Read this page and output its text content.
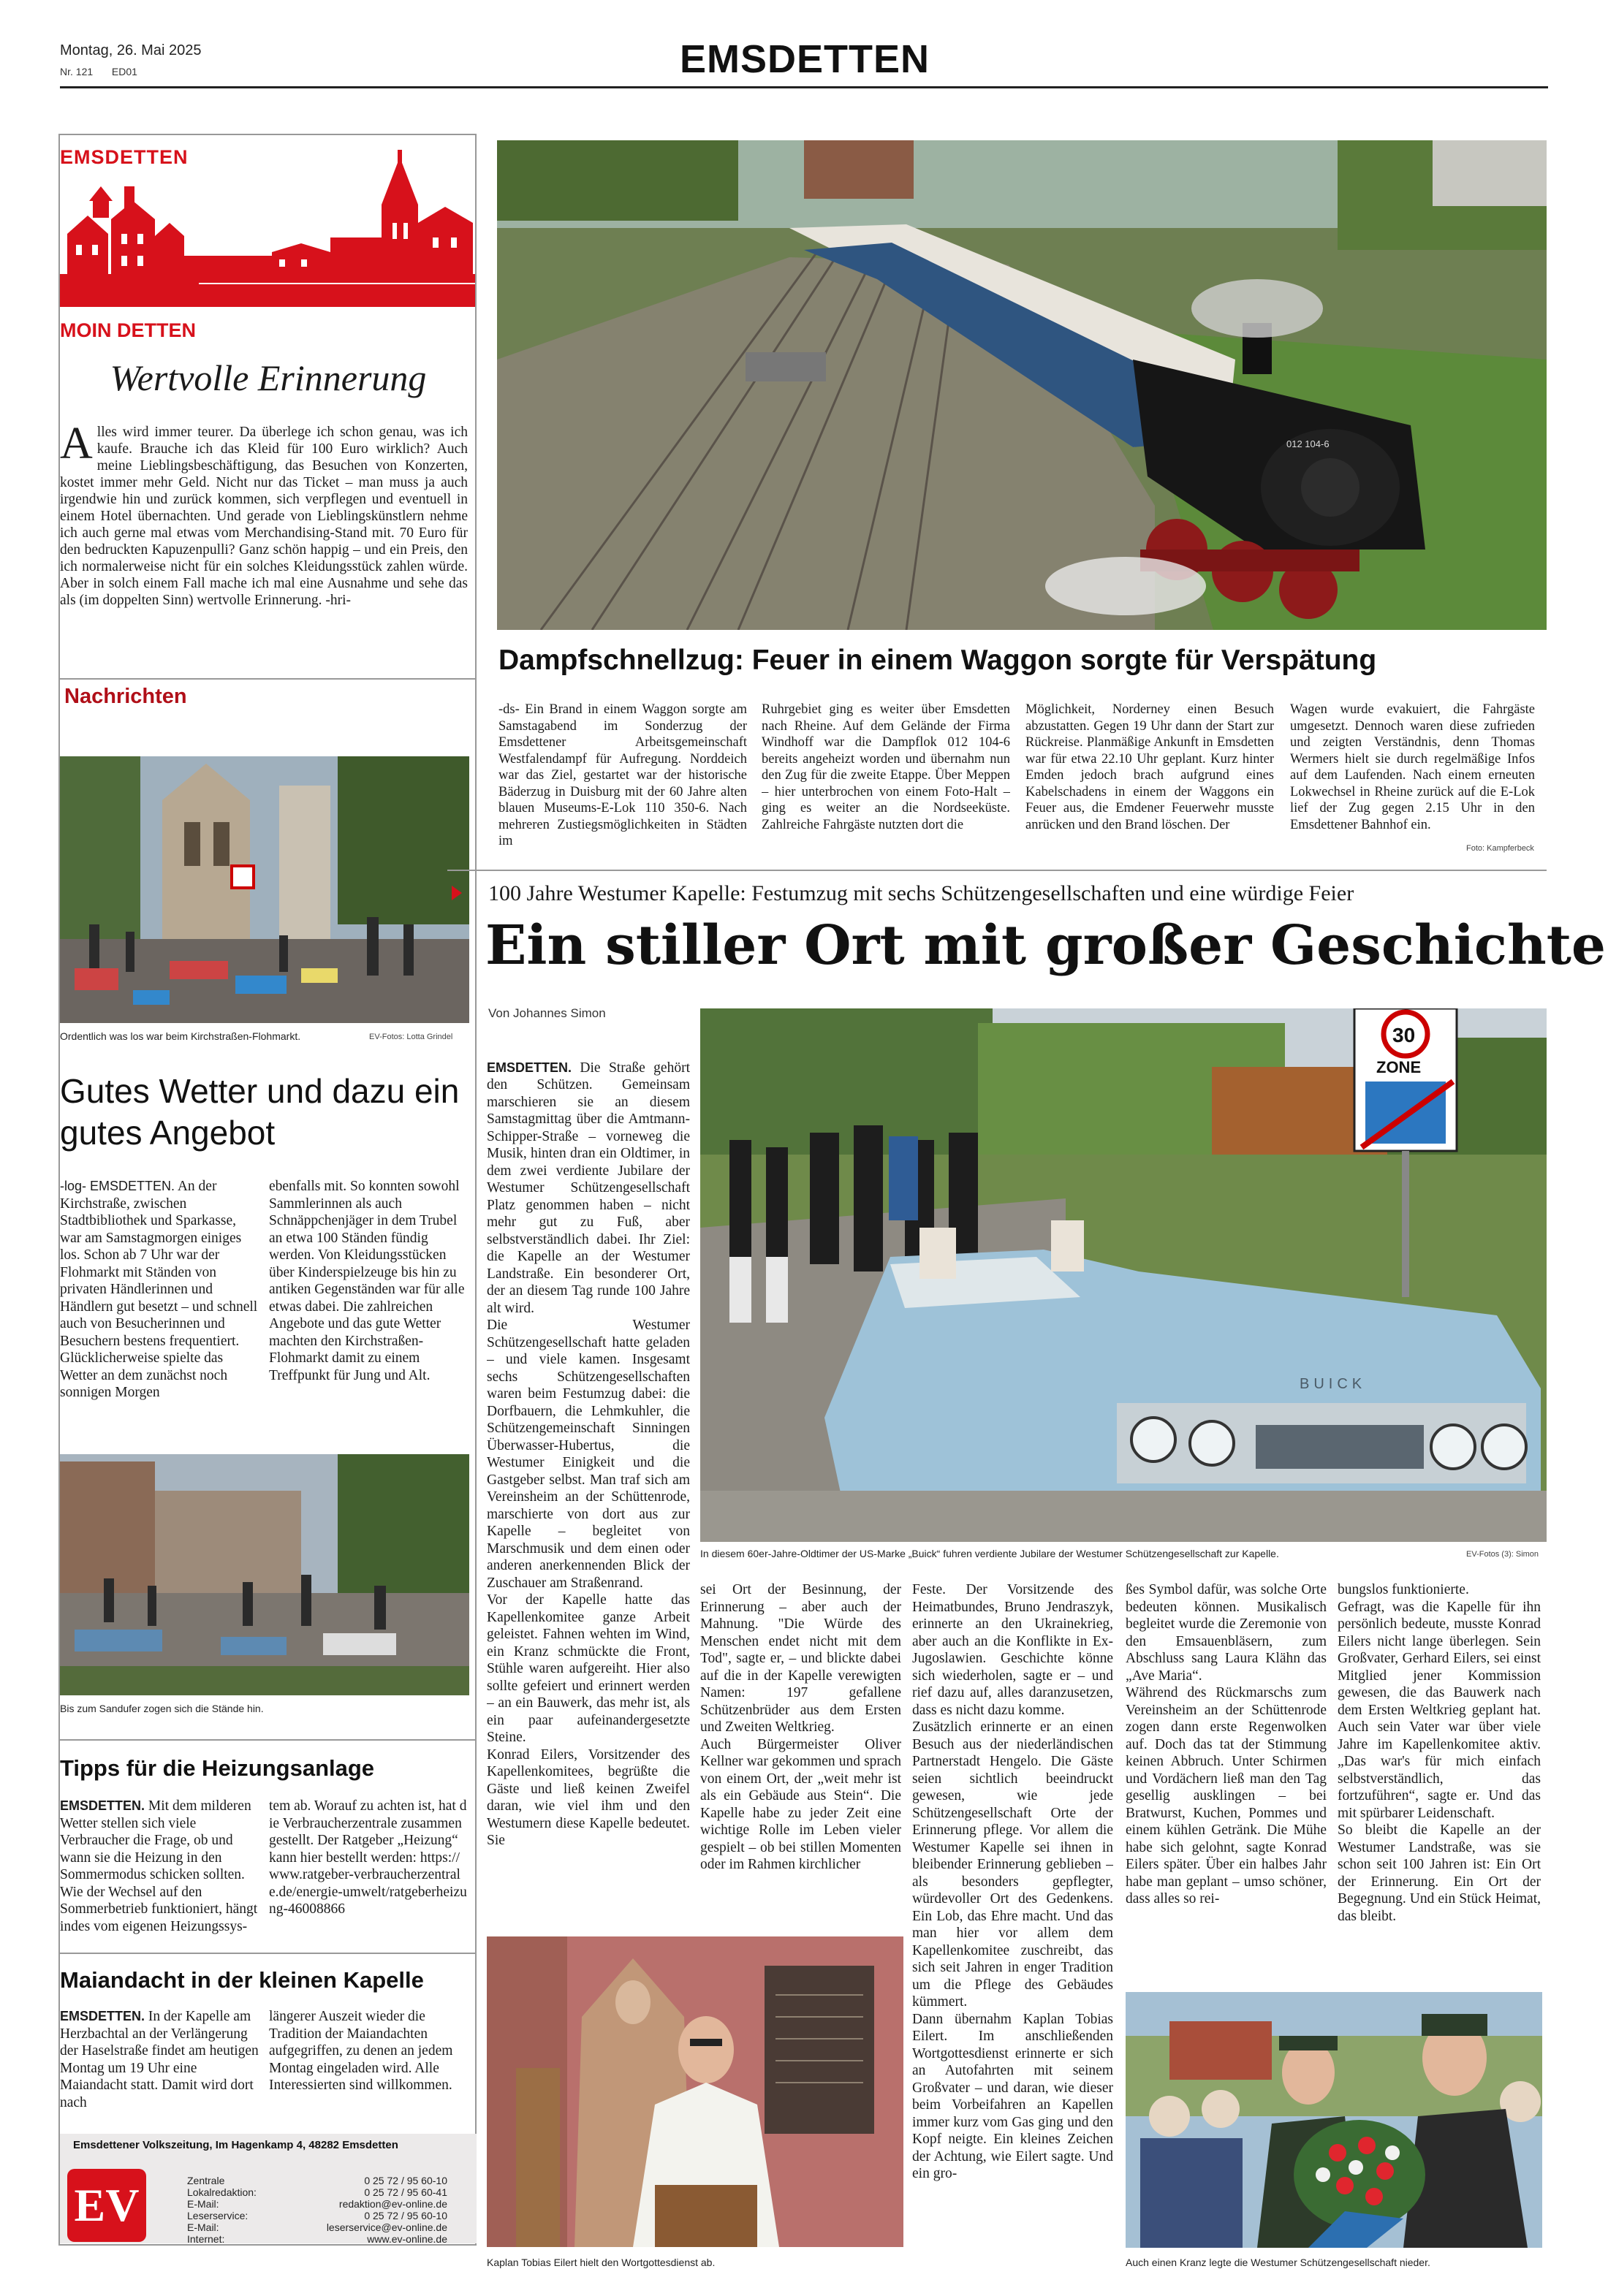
Montag, 26. Mai 2025
Nr. 121 ED01	EMSDETTEN
EMSDETTEN
MOIN DETTEN
Wertvolle Erinnerung
Alles wird immer teurer. Da überlege ich schon genau, was ich kaufe. Brauche ich das Kleid für 100 Euro wirklich? Auch meine Lieblingsbeschäftigung, das Besuchen von Konzerten, kostet immer mehr Geld. Nicht nur das Ticket – man muss ja auch irgendwie hin und zurück kommen, sich verpflegen und eventuell in einem Hotel übernachten. Und gerade von Lieblingskünstlern nehme ich auch gerne mal etwas vom Merchandising-Stand mit. 70 Euro für den bedruckten Kapuzenpulli? Ganz schön happig – und ein Preis, den ich normalerweise nicht für ein solches Kleidungsstück zahlen würde. Aber in solch einem Fall mache ich mal eine Ausnahme und sehe das als (im doppelten Sinn) wertvolle Erinnerung. -hri-
Nachrichten
Ordentlich was los war beim Kirchstraßen-Flohmarkt.	EV-Fotos: Lotta Grindel
Gutes Wetter und dazu ein gutes Angebot
-log- EMSDETTEN. An der Kirchstraße, zwischen Stadtbibliothek und Sparkasse, war am Samstagmorgen einiges los. Schon ab 7 Uhr war der Flohmarkt mit Ständen von privaten Händlerinnen und Händlern gut besetzt – und schnell auch von Besucherinnen und Besuchern bestens frequentiert. Glücklicherweise spielte das Wetter an dem zunächst noch sonnigen Morgen
ebenfalls mit. So konnten sowohl Sammlerinnen als auch Schnäppchenjäger in dem Trubel an etwa 100 Ständen fündig werden. Von Kleidungsstücken über Kinderspielzeuge bis hin zu antiken Gegenständen war für alle etwas dabei. Die zahlreichen Angebote und das gute Wetter machten den Kirchstraßen-Flohmarkt damit zu einem Treffpunkt für Jung und Alt.
Bis zum Sandufer zogen sich die Stände hin.
Tipps für die Heizungsanlage
EMSDETTEN. Mit dem milderen Wetter stellen sich viele Verbraucher die Frage, ob und wann sie die Heizung in den Sommermodus schicken sollten. Wie der Wechsel auf den Sommerbetrieb funktioniert, hängt indes vom eigenen Heizungssys-
tem ab. Worauf zu achten ist, hat die Verbraucherzentrale zusammengestellt. Der Ratgeber „Heizung“ kann hier bestellt werden: https://www.ratgeber-verbraucherzentrale.de/energie-umwelt/ratgeberheizung-46008866
Maiandacht in der kleinen Kapelle
EMSDETTEN. In der Kapelle am Herzbachtal an der Verlängerung der Haselstraße findet am heutigen Montag um 19 Uhr eine Maiandacht statt. Damit wird dort nach
längerer Auszeit wieder die Tradition der Maiandachten aufgegriffen, zu denen an jedem Montag eingeladen wird. Alle Interessierten sind willkommen.
Emsdettener Volkszeitung, Im Hagenkamp 4, 48282 Emsdetten
EV	Zentrale	0 25 72 / 95 60-10
Lokalredaktion:	0 25 72 / 95 60-41
E-Mail:	redaktion@ev-online.de
Leserservice:	0 25 72 / 95 60-10
E-Mail:	leserservice@ev-online.de
Internet:	www.ev-online.de
012 104-6
Dampfschnellzug: Feuer in einem Waggon sorgte für Verspätung
-ds- Ein Brand in einem Waggon sorgte am Samstagabend im Sonderzug der Emsdettener Arbeitsgemeinschaft Westfalendampf für Aufregung. Norddeich war das Ziel, gestartet war der historische Bäderzug in Duisburg mit der 60 Jahre alten blauen Museums-E-Lok 110 350-6. Nach mehreren Zustiegsmöglichkeiten in Städten im
Ruhrgebiet ging es weiter über Emsdetten nach Rheine. Auf dem Gelände der Firma Windhoff war die Dampflok 012 104-6 bereits angeheizt worden und übernahm nun den Zug für die zweite Etappe. Über Meppen – hier unterbrochen von einem Foto-Halt – ging es weiter an die Nordseeküste. Zahlreiche Fahrgäste nutzten dort die
Möglichkeit, Norderney einen Besuch abzustatten. Gegen 19 Uhr dann der Start zur Rückreise. Planmäßige Ankunft in Emsdetten war für etwa 22.10 Uhr geplant. Kurz hinter Emden jedoch brach aufgrund eines Kabelschadens in einem der Waggons ein Feuer aus, die Emdener Feuerwehr musste anrücken und den Brand löschen. Der
Wagen wurde evakuiert, die Fahrgäste umgesetzt. Dennoch waren diese zufrieden und zeigten Verständnis, denn Thomas Wermers hielt sie durch regelmäßige Infos auf dem Laufenden. Nach einem erneuten Lokwechsel in Rheine zurück auf die E-Lok lief der Zug gegen 2.15 Uhr in den Emsdettener Bahnhof ein.
Foto: Kampferbeck
100 Jahre Westumer Kapelle: Festumzug mit sechs Schützengesellschaften und eine würdige Feier
Ein stiller Ort mit großer Geschichte
Von Johannes Simon

EMSDETTEN. Die Straße gehört den Schützen. Gemeinsam marschieren sie an diesem Samstagmittag über die Amtmann-Schipper-Straße – vorneweg die Musik, hinten dran ein Oldtimer, in dem zwei verdiente Jubilare der Westumer Schützengesellschaft Platz genommen haben – nicht mehr gut zu Fuß, aber selbstverständlich dabei. Ihr Ziel: die Kapelle an der Westumer Landstraße. Ein besonderer Ort, der an diesem Tag runde 100 Jahre alt wird.
Die Westumer Schützengesellschaft hatte geladen – und viele kamen. Insgesamt sechs Schützengesellschaften waren beim Festumzug dabei: die Dorfbauern, die Lehmkuhler, die Schützengemeinschaft Sinningen Überwasser-Hubertus, die Westumer Einigkeit und die Gastgeber selbst. Man traf sich am Vereinsheim an der Schüttenrode, marschierte von dort aus zur Kapelle – begleitet von Marschmusik und dem einen oder anderen anerkennenden Blick der Zuschauer am Straßenrand.
Vor der Kapelle hatte das Kapellenkomitee ganze Arbeit geleistet. Fahnen wehten im Wind, ein Kranz schmückte die Front, Stühle waren aufgereiht. Hier also sollte gefeiert und erinnert werden – an ein Bauwerk, das mehr ist, als ein paar aufeinandergesetzte Steine.
Konrad Eilers, Vorsitzender des Kapellenkomitees, begrüßte die Gäste und ließ keinen Zweifel daran, wie viel ihm und den Westumern diese Kapelle bedeutet. Sie

BUICK
30
ZONE
In diesem 60er-Jahre-Oldtimer der US-Marke „Buick“ fuhren verdiente Jubilare der Westumer Schützengesellschaft zur Kapelle.	EV-Fotos (3): Simon
sei Ort der Besinnung, der Erinnerung – aber auch der Mahnung. "Die Würde des Menschen endet nicht mit dem Tod", sagte er, – und blickte dabei auf die in der Kapelle verewigten Namen: 197 gefallene Schützenbrüder aus dem Ersten und Zweiten Weltkrieg.
Auch Bürgermeister Oliver Kellner war gekommen und sprach von einem Ort, der „weit mehr ist als ein Gebäude aus Stein“. Die Kapelle habe zu jeder Zeit eine wichtige Rolle im Leben vieler gespielt – ob bei stillen Momenten oder im Rahmen kirchlicher
Feste. Der Vorsitzende des Heimatbundes, Bruno Jendraszyk, erinnerte an den Ukrainekrieg, aber auch an die Konflikte in Ex-Jugoslawien. Geschichte könne sich wiederholen, sagte er – und rief dazu auf, alles daranzusetzen, dass es nicht dazu komme.
Zusätzlich erinnerte er an einen Besuch aus der niederländischen Partnerstadt Hengelo. Die Gäste seien sichtlich beeindruckt gewesen, wie jede Schützengesellschaft Orte der Erinnerung pflege. Vor allem die Westumer Kapelle sei ihnen in bleibender Erinnerung geblieben – als besonders gepflegter, würdevoller Ort des Gedenkens. Ein Lob, das Ehre macht. Und das man hier vor allem dem Kapellenkomitee zuschreibt, das sich seit Jahren in enger Tradition um die Pflege des Gebäudes kümmert.
Dann übernahm Kaplan Tobias Eilert. Im anschließenden Wortgottesdienst erinnerte er sich an Autofahrten mit seinem Großvater – und daran, wie dieser beim Vorbeifahren an Kapellen immer kurz vom Gas ging und den Kopf neigte. Ein kleines Zeichen der Achtung, wie Eilert sagte. Und ein gro-
ßes Symbol dafür, was solche Orte bedeuten können. Musikalisch begleitet wurde die Zeremonie von den Emsauenbläsern, zum Abschluss sang Laura Klähn das „Ave Maria“.
Während des Rückmarschs zum Vereinsheim an der Schüttenrode zogen dann erste Regenwolken auf. Doch das tat der Stimmung keinen Abbruch. Unter Schirmen und Vordächern ließ man den Tag gesellig ausklingen – bei Bratwurst, Kuchen, Pommes und einem kühlen Getränk. Die Mühe habe sich gelohnt, sagte Konrad Eilers später. Über ein halbes Jahr habe man geplant – umso schöner, dass alles so rei-
bungslos funktionierte.
Gefragt, was die Kapelle für ihn persönlich bedeute, musste Konrad Eilers nicht lange überlegen. Sein Großvater, Gerhard Eilers, sei einst Mitglied jener Kommission gewesen, die das Bauwerk nach dem Ersten Weltkrieg geplant hat. Auch sein Vater war über viele Jahre im Kapellenkomitee aktiv. „Das war's für mich einfach selbstverständlich, das fortzuführen“, sagte er. Und das mit spürbarer Leidenschaft.
So bleibt die Kapelle an der Westumer Landstraße, was sie schon seit 100 Jahren ist: Ein Ort der Erinnerung. Ein Ort der Begegnung. Und ein Stück Heimat, das bleibt.
Kaplan Tobias Eilert hielt den Wortgottesdienst ab.	Auch einen Kranz legte die Westumer Schützengesellschaft nieder.
